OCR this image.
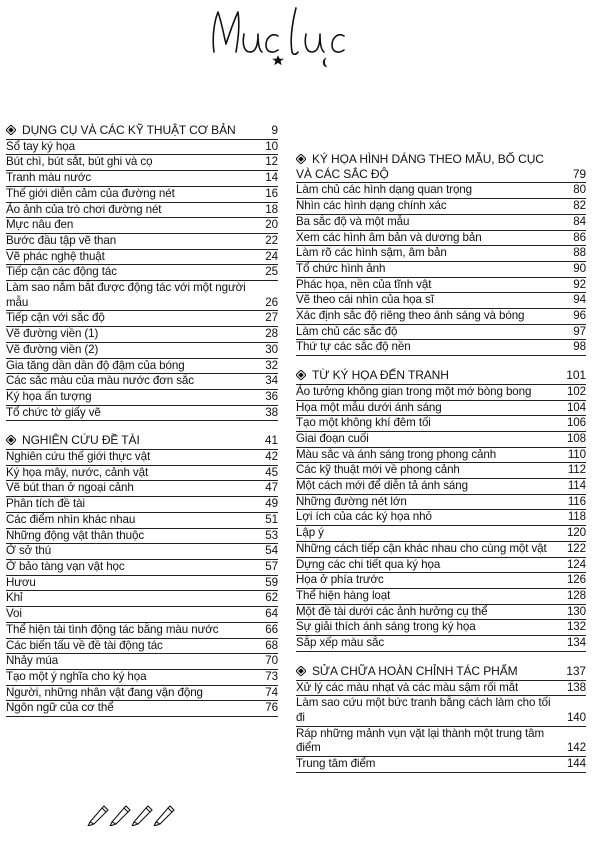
Mục lục
DỤNG CỤ VÀ CÁC KỸ THUẬT CƠ BẢN	9
Sổ tay ký họa	10
Bút chì, bút sắt, bút ghi và cọ	12
Tranh màu nước	14
Thế giới diễn cảm của đường nét	16
Ảo ảnh của trò chơi đường nét	18
Mực nâu đen	20
Bước đầu tập vẽ than	22
Vẽ phác nghệ thuật	24
Tiếp cận các động tác	25
Làm sao nắm bắt được động tác với một người mẫu	26
Tiếp cận với sắc độ	27
Vẽ đường viền (1)	28
Vẽ đường viền (2)	30
Gia tăng dần dần độ đậm của bóng	32
Các sắc màu của màu nước đơn sắc	34
Ký họa ấn tượng	36
Tổ chức tờ giấy vẽ	38
NGHIÊN CỨU ĐỀ TÀI	41
Nghiên cứu thế giới thực vật	42
Ký họa mây, nước, cảnh vật	45
Vẽ bút than ở ngoại cảnh	47
Phân tích đề tài	49
Các điểm nhìn khác nhau	51
Những động vật thân thuộc	53
Ở sở thú	54
Ở bảo tàng vạn vật học	57
Hươu	59
Khỉ	62
Voi	64
Thể hiện tài tình động tác bằng màu nước	66
Các biến tấu về đề tài động tác	68
Nhảy múa	70
Tạo một ý nghĩa cho ký họa	73
Người, những nhân vật đang vận động	74
Ngôn ngữ của cơ thể	76
KÝ HỌA HÌNH DÁNG THEO MẪU, BỐ CỤC VÀ CÁC SẮC ĐỘ	79
Làm chủ các hình dạng quan trọng	80
Nhìn các hình dạng chính xác	82
Ba sắc độ và một mẫu	84
Xem các hình âm bản và dương bản	86
Làm rõ các hình sậm, âm bản	88
Tổ chức hình ảnh	90
Phác họa, nền của tĩnh vật	92
Vẽ theo cái nhìn của họa sĩ	94
Xác định sắc độ riêng theo ánh sáng và bóng	96
Làm chủ các sắc độ	97
Thứ tự các sắc độ nền	98
TỪ KÝ HỌA ĐẾN TRANH	101
Ảo tưởng không gian trong một mớ bòng bong	102
Họa một mẫu dưới ánh sáng	104
Tạo một không khí đêm tối	106
Giai đoạn cuối	108
Màu sắc và ánh sáng trong phong cảnh	110
Các kỹ thuật mới về phong cảnh	112
Một cách mới để diễn tả ánh sáng	114
Những đường nét lớn	116
Lợi ích của các ký họa nhỏ	118
Lập ý	120
Những cách tiếp cận khác nhau cho cùng một vật	122
Dựng các chi tiết qua ký họa	124
Họa ở phía trước	126
Thể hiện hàng loạt	128
Một đề tài dưới các ảnh hưởng cụ thể	130
Sự giải thích ánh sáng trong ký họa	132
Sắp xếp màu sắc	134
SỬA CHỮA HOÀN CHỈNH TÁC PHẨM	137
Xử lý các màu nhạt và các màu sậm rối mắt	138
Làm sao cứu một bức tranh bằng cách làm cho tối đi	140
Ráp những mảnh vụn vặt lại thành một trung tâm điểm	142
Trung tâm điểm	144
